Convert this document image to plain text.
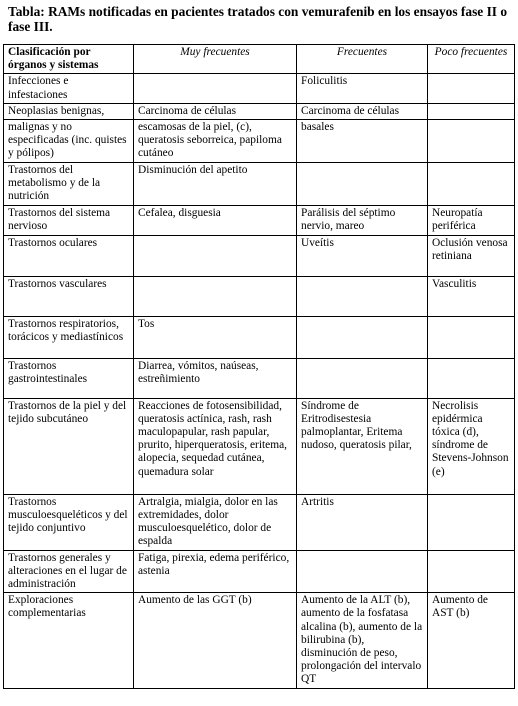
Tabla: RAMs notificadas en pacientes tratados con vemurafenib en los ensayos fase II o fase III.

Clasificación por órganos y sistemas	Muy frecuentes	Frecuentes	Poco frecuentes
Infecciones e infestaciones		Foliculitis	
Neoplasias benignas,	Carcinoma de células	Carcinoma de células	
malignas y no especificadas (inc. quistes y pólipos)	escamosas de la piel, (c), queratosis seborreica, papiloma cutáneo	basales	
Trastornos del metabolismo y de la nutrición	Disminución del apetito		
Trastornos del sistema nervioso	Cefalea, disguesia	Parálisis del séptimo nervio, mareo	Neuropatía periférica
Trastornos oculares		Uveítis	Oclusión venosa retiniana
Trastornos vasculares			Vasculitis
Trastornos respiratorios, torácicos y mediastínicos	Tos		
Trastornos gastrointestinales	Diarrea, vómitos, naúseas, estreñimiento		
Trastornos de la piel y del tejido subcutáneo	Reacciones de fotosensibilidad, queratosis actínica, rash, rash maculopapular, rash papular, prurito, hiperqueratosis, eritema, alopecia, sequedad cutánea, quemadura solar	Síndrome de Eritrodisestesia palmoplantar, Eritema nudoso, queratosis pilar,	Necrolisis epidérmica tóxica (d), síndrome de Stevens-Johnson (e)
Trastornos musculoesqueléticos y del tejido conjuntivo	Artralgia, mialgia, dolor en las extremidades, dolor musculoesquelético, dolor de espalda	Artritis	
Trastornos generales y alteraciones en el lugar de administración	Fatiga, pirexia, edema periférico, astenia		
Exploraciones complementarias	Aumento de las GGT (b)	Aumento de la ALT (b), aumento de la fosfatasa alcalina (b), aumento de la bilirubina (b), disminución de peso, prolongación del intervalo QT	Aumento de AST (b)
